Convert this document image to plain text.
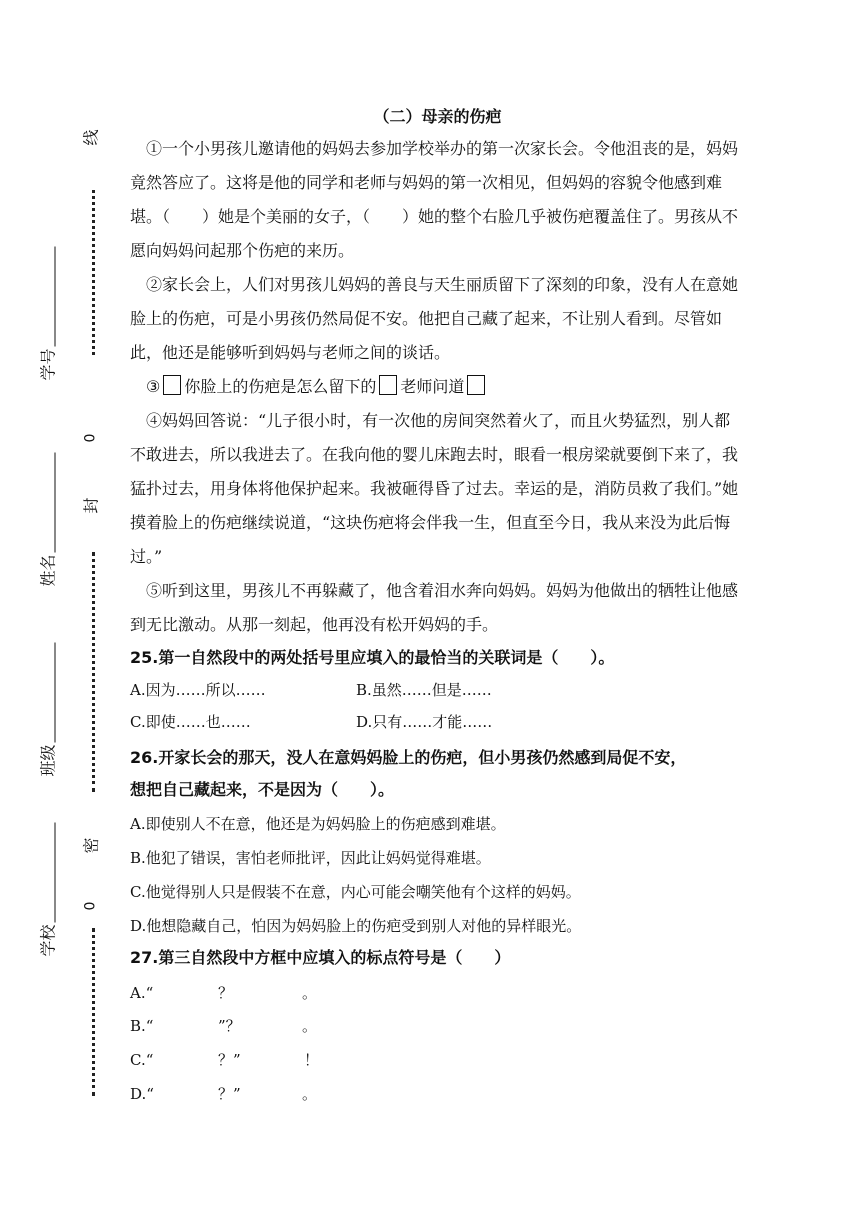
线
0
封
密
0
学号
姓名
班级
学校
（二）母亲的伤疤

①一个小男孩儿邀请他的妈妈去参加学校举办的第一次家长会。令他沮丧的是，妈妈竟然答应了。这将是他的同学和老师与妈妈的第一次相见，但妈妈的容貌令他感到难堪。（　　）她是个美丽的女子，（　　）她的整个右脸几乎被伤疤覆盖住了。男孩从不愿向妈妈问起那个伤疤的来历。

②家长会上，人们对男孩儿妈妈的善良与天生丽质留下了深刻的印象，没有人在意她脸上的伤疤，可是小男孩仍然局促不安。他把自己藏了起来，不让别人看到。尽管如此，他还是能够听到妈妈与老师之间的谈话。

③ 你脸上的伤疤是怎么留下的 老师问道

④妈妈回答说：“儿子很小时，有一次他的房间突然着火了，而且火势猛烈，别人都不敢进去，所以我进去了。在我向他的婴儿床跑去时，眼看一根房梁就要倒下来了，我猛扑过去，用身体将他保护起来。我被砸得昏了过去。幸运的是，消防员救了我们。”她摸着脸上的伤疤继续说道，“这块伤疤将会伴我一生，但直至今日，我从来没为此后悔过。”

⑤听到这里，男孩儿不再躲藏了，他含着泪水奔向妈妈。妈妈为他做出的牺牲让他感到无比激动。从那一刻起，他再没有松开妈妈的手。

25.第一自然段中的两处括号里应填入的最恰当的关联词是（　　）。
A.因为……所以……	B.虽然……但是……
C.即使……也……	D.只有……才能……
26.开家长会的那天，没人在意妈妈脸上的伤疤，但小男孩仍然感到局促不安，
想把自己藏起来，不 •是 •因为（　　）。
A.即使别人不在意，他还是为妈妈脸上的伤疤感到难堪。
B.他犯了错误，害怕老师批评，因此让妈妈觉得难堪。
C.他觉得别人只是假装不在意，内心可能会嘲笑他有个这样的妈妈。
D.他想隐藏自己，怕因为妈妈脸上的伤疤受到别人对他的异样眼光。
27.第三自然段中方框中应填入的标点符号是（　　）
A.“	？	。
B.“	”？	。
C.“	？”	！
D.“	？”	。
